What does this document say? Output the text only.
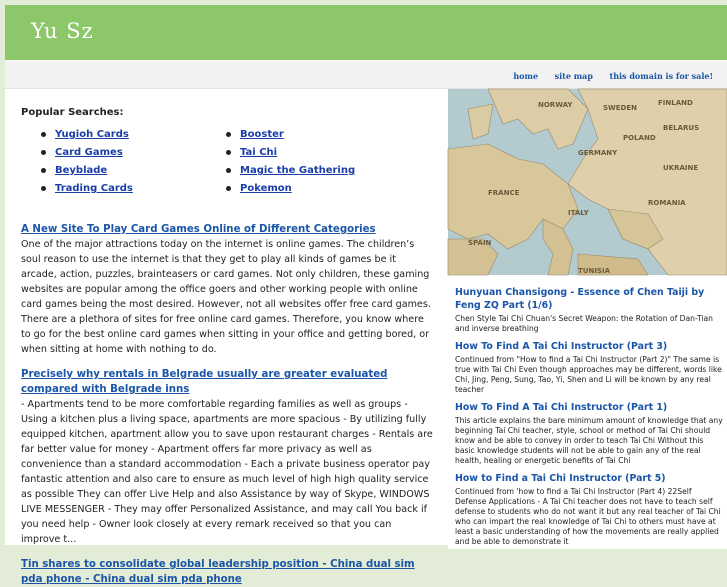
Yu Sz
home site map this domain is for sale!
Popular Searches:
Yugioh Cards	Booster
Card Games	Tai Chi
Beyblade	Magic the Gathering
Trading Cards	Pokemon
A New Site To Play Card Games Online of Different Categories
One of the major attractions today on the internet is online games. The children’s soul reason to use the internet is that they get to play all kinds of games be it arcade, action, puzzles, brainteasers or card games. Not only children, these gaming websites are popular among the office goers and other working people with online card games being the most desired. However, not all websites offer free card games. There are a plethora of sites for free online card games. Therefore, you know where to go for the best online card games when sitting in your office and getting bored, or when sitting at home with nothing to do.
Precisely why rentals in Belgrade usually are greater evaluated compared with Belgrade inns
- Apartments tend to be more comfortable regarding families as well as groups - Using a kitchen plus a living space, apartments are more spacious - By utilizing fully equipped kitchen, apartment allow you to save upon restaurant charges - Rentals are far better value for money - Apartment offers far more privacy as well as convenience than a standard accommodation - Each a private business operator pay fantastic attention and also care to ensure as much level of high high quality service as possible They can offer Live Help and also Assistance by way of Skype, WINDOWS LIVE MESSENGER - They may offer Personalized Assistance, and may call You back if you need help - Owner look closely at every remark received so that you can improve t...
Tin shares to consolidate global leadership position - China dual sim pda phone - China dual sim pda phone
FINLAND
SWEDEN
NORWAY
POLAND
UKRAINE
BELARUS
GERMANY
ITALY
SPAIN
FRANCE
ROMANIA
TUNISIA
Hunyuan Chansigong - Essence of Chen Taiji by Feng ZQ Part (1/6)
Chen Style Tai Chi Chuan's Secret Weapon: the Rotation of Dan-Tian and inverse breathing
How To Find A Tai Chi Instructor (Part 3)
Continued from "How to find a Tai Chi Instructor (Part 2)" The same is true with Tai Chi Even though approaches may be different, words like Chi, Jing, Peng, Sung, Tao, Yi, Shen and Li will be known by any real teacher
How To Find A Tai Chi Instructor (Part 1)
This article explains the bare minimum amount of knowledge that any beginning Tai Chi teacher, style, school or method of Tai Chi should know and be able to convey in order to teach Tai Chi Without this basic knowledge students will not be able to gain any of the real health, healing or energetic benefits of Tai Chi
How to Find a Tai Chi Instructor (Part 5)
Continued from 'how to find a Tai Chi Instructor (Part 4) 22Self Defense Applications - A Tai Chi teacher does not have to teach self defense to students who do not want it but any real teacher of Tai Chi who can impart the real knowledge of Tai Chi to others must have at least a basic understanding of how the movements are really applied and be able to demonstrate it
